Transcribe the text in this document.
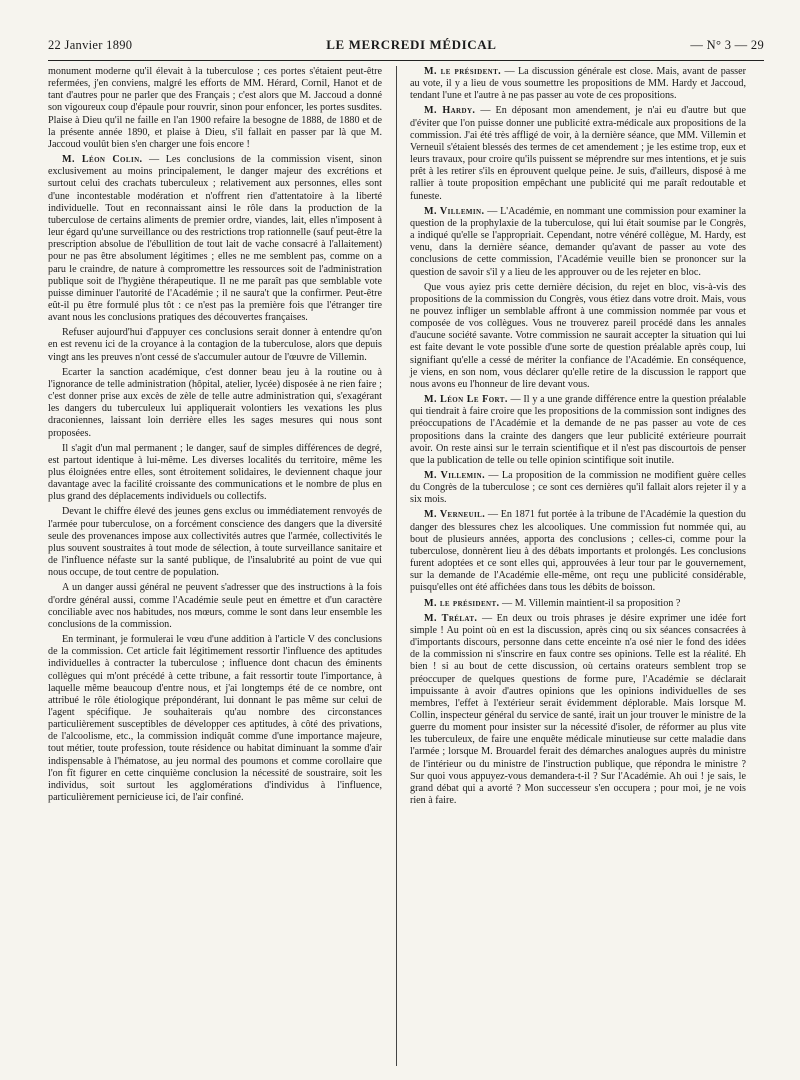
22 Janvier 1890	LE MERCREDI MÉDICAL	— N° 3 — 29

monument moderne qu'il élevait à la tuberculose ; ces portes s'étaient peut-être refermées, j'en conviens, malgré les efforts de MM. Hérard, Cornil, Hanot et de tant d'autres pour ne parler que des Français ; c'est alors que M. Jaccoud a donné son vigoureux coup d'épaule pour rouvrir, sinon pour enfoncer, les portes susdites. Plaise à Dieu qu'il ne faille en l'an 1900 refaire la besogne de 1888, de 1880 et de la présente année 1890, et plaise à Dieu, s'il fallait en passer par là que M. Jaccoud voulût bien s'en charger une fois encore !

M. Léon Colin. — Les conclusions de la commission visent, sinon exclusivement au moins principalement, le danger majeur des excrétions et surtout celui des crachats tuberculeux ; relativement aux personnes, elles sont d'une incontestable modération et n'offrent rien d'attentatoire à la liberté individuelle. Tout en reconnaissant ainsi le rôle dans la production de la tuberculose de certains aliments de premier ordre, viandes, lait, elles n'imposent à leur égard qu'une surveillance ou des restrictions trop rationnelle (sauf peut-être la prescription absolue de l'ébullition de tout lait de vache consacré à l'allaitement) pour ne pas être absolument légitimes ; elles ne me semblent pas, comme on a paru le craindre, de nature à compromettre les ressources soit de l'administration publique soit de l'hygiène thérapeutique. Il ne me paraît pas que semblable vote puisse diminuer l'autorité de l'Académie ; il ne saura't que la confirmer. Peut-être eût-il pu être formulé plus tôt : ce n'est pas la première fois que l'étranger tire avant nous les conclusions pratiques des découvertes françaises.

Refuser aujourd'hui d'appuyer ces conclusions serait donner à entendre qu'on en est revenu ici de la croyance à la contagion de la tuberculose, alors que depuis vingt ans les preuves n'ont cessé de s'accumuler autour de l'œuvre de Villemin.

Ecarter la sanction académique, c'est donner beau jeu à la routine ou à l'ignorance de telle administration (hôpital, atelier, lycée) disposée à ne rien faire ; c'est donner prise aux excès de zèle de telle autre administration qui, s'exagérant les dangers du tuberculeux lui appliquerait volontiers les vexations les plus draconiennes, laissant loin derrière elles les sages mesures qui nous sont proposées.

Il s'agit d'un mal permanent ; le danger, sauf de simples différences de degré, est partout identique à lui-même. Les diverses localités du territoire, même les plus éloignées entre elles, sont étroitement solidaires, le deviennent chaque jour davantage avec la facilité croissante des communications et le nombre de plus en plus grand des déplacements individuels ou collectifs.

Devant le chiffre élevé des jeunes gens exclus ou immédiatement renvoyés de l'armée pour tuberculose, on a forcément conscience des dangers que la diversité seule des provenances impose aux collectivités autres que l'armée, collectivités le plus souvent soustraites à tout mode de sélection, à toute surveillance sanitaire et de l'influence néfaste sur la santé publique, de l'insalubrité au point de vue qui nous occupe, de tout centre de population.

A un danger aussi général ne peuvent s'adresser que des instructions à la fois d'ordre général aussi, comme l'Académie seule peut en émettre et d'un caractère conciliable avec nos habitudes, nos mœurs, comme le sont dans leur ensemble les conclusions de la commission.

En terminant, je formulerai le vœu d'une addition à l'article V des conclusions de la commission. Cet article fait légitimement ressortir l'influence des aptitudes individuelles à contracter la tuberculose ; influence dont chacun des éminents collègues qui m'ont précédé à cette tribune, a fait ressortir toute l'importance, à laquelle même beaucoup d'entre nous, et j'ai longtemps été de ce nombre, ont attribué le rôle étiologique prépondérant, lui donnant le pas même sur celui de l'agent spécifique. Je souhaiterais qu'au nombre des circonstances particulièrement susceptibles de développer ces aptitudes, à côté des privations, de l'alcoolisme, etc., la commission indiquât comme d'une importance majeure, tout métier, toute profession, toute résidence ou habitat diminuant la somme d'air indispensable à l'hématose, au jeu normal des poumons et comme corollaire que l'on fît figurer en cette cinquième conclusion la nécessité de soustraire, soit les individus, soit surtout les agglomérations d'individus à l'influence, particulièrement pernicieuse ici, de l'air confiné.

M. le président. — La discussion générale est close. Mais, avant de passer au vote, il y a lieu de vous soumettre les propositions de MM. Hardy et Jaccoud, tendant l'une et l'autre à ne pas passer au vote de ces propositions.

M. Hardy. — En déposant mon amendement, je n'ai eu d'autre but que d'éviter que l'on puisse donner une publicité extra-médicale aux propositions de la commission. J'ai été très affligé de voir, à la dernière séance, que MM. Villemin et Verneuil s'étaient blessés des termes de cet amendement ; je les estime trop, eux et leurs travaux, pour croire qu'ils puissent se méprendre sur mes intentions, et je suis prêt à les retirer s'ils en éprouvent quelque peine. Je suis, d'ailleurs, disposé à me rallier à toute proposition empêchant une publicité qui me paraît redoutable et funeste.

M. Villemin. — L'Académie, en nommant une commission pour examiner la question de la prophylaxie de la tuberculose, qui lui était soumise par le Congrès, a indiqué qu'elle se l'appropriait. Cependant, notre vénéré collègue, M. Hardy, est venu, dans la dernière séance, demander qu'avant de passer au vote des conclusions de cette commission, l'Académie veuille bien se prononcer sur la question de savoir s'il y a lieu de les approuver ou de les rejeter en bloc.

Que vous ayiez pris cette dernière décision, du rejet en bloc, vis-à-vis des propositions de la commission du Congrès, vous étiez dans votre droit. Mais, vous ne pouvez infliger un semblable affront à une commission nommée par vous et composée de vos collègues. Vous ne trouverez pareil procédé dans les annales d'aucune société savante. Votre commission ne saurait accepter la situation qui lui est faite devant le vote possible d'une sorte de question préalable après coup, lui signifiant qu'elle a cessé de mériter la confiance de l'Académie. En conséquence, je viens, en son nom, vous déclarer qu'elle retire de la discussion le rapport que nous avons eu l'honneur de lire devant vous.

M. Léon Le Fort. — Il y a une grande différence entre la question préalable qui tiendrait à faire croire que les propositions de la commission sont indignes des préoccupations de l'Académie et la demande de ne pas passer au vote de ces propositions dans la crainte des dangers que leur publicité extérieure pourrait avoir. On reste ainsi sur le terrain scientifique et il n'est pas discourtois de penser que la publication de telle ou telle opinion scintifique soit inutile.

M. Villemin. — La proposition de la commission ne modifient guère celles du Congrès de la tuberculose ; ce sont ces dernières qu'il fallait alors rejeter il y a six mois.

M. Verneuil. — En 1871 fut portée à la tribune de l'Académie la question du danger des blessures chez les alcooliques. Une commission fut nommée qui, au bout de plusieurs années, apporta des conclusions ; celles-ci, comme pour la tuberculose, donnèrent lieu à des débats importants et prolongés. Les conclusions furent adoptées et ce sont elles qui, approuvées à leur tour par le gouvernement, sur la demande de l'Académie elle-même, ont reçu une publicité considérable, puisqu'elles ont été affichées dans tous les débits de boisson.

M. le président. — M. Villemin maintient-il sa proposition ?

M. Trélat. — En deux ou trois phrases je désire exprimer une idée fort simple ! Au point où en est la discussion, après cinq ou six séances consacrées à d'importants discours, personne dans cette enceinte n'a osé nier le fond des idées de la commission ni s'inscrire en faux contre ses opinions. Telle est la réalité. Eh bien ! si au bout de cette discussion, où certains orateurs semblent trop se préoccuper de quelques questions de forme pure, l'Académie se déclarait impuissante à avoir d'autres opinions que les opinions individuelles de ses membres, l'effet à l'extérieur serait évidemment déplorable. Mais lorsque M. Collin, inspecteur général du service de santé, irait un jour trouver le ministre de la guerre du moment pour insister sur la nécessité d'isoler, de réformer au plus vite les tuberculeux, de faire une enquête médicale minutieuse sur cette maladie dans l'armée ; lorsque M. Brouardel ferait des démarches analogues auprès du ministre de l'intérieur ou du ministre de l'instruction publique, que répondra le ministre ? Sur quoi vous appuyez-vous demandera-t-il ? Sur l'Académie. Ah oui ! je sais, le grand débat qui a avorté ? Mon successeur s'en occupera ; pour moi, je ne vois rien à faire.
